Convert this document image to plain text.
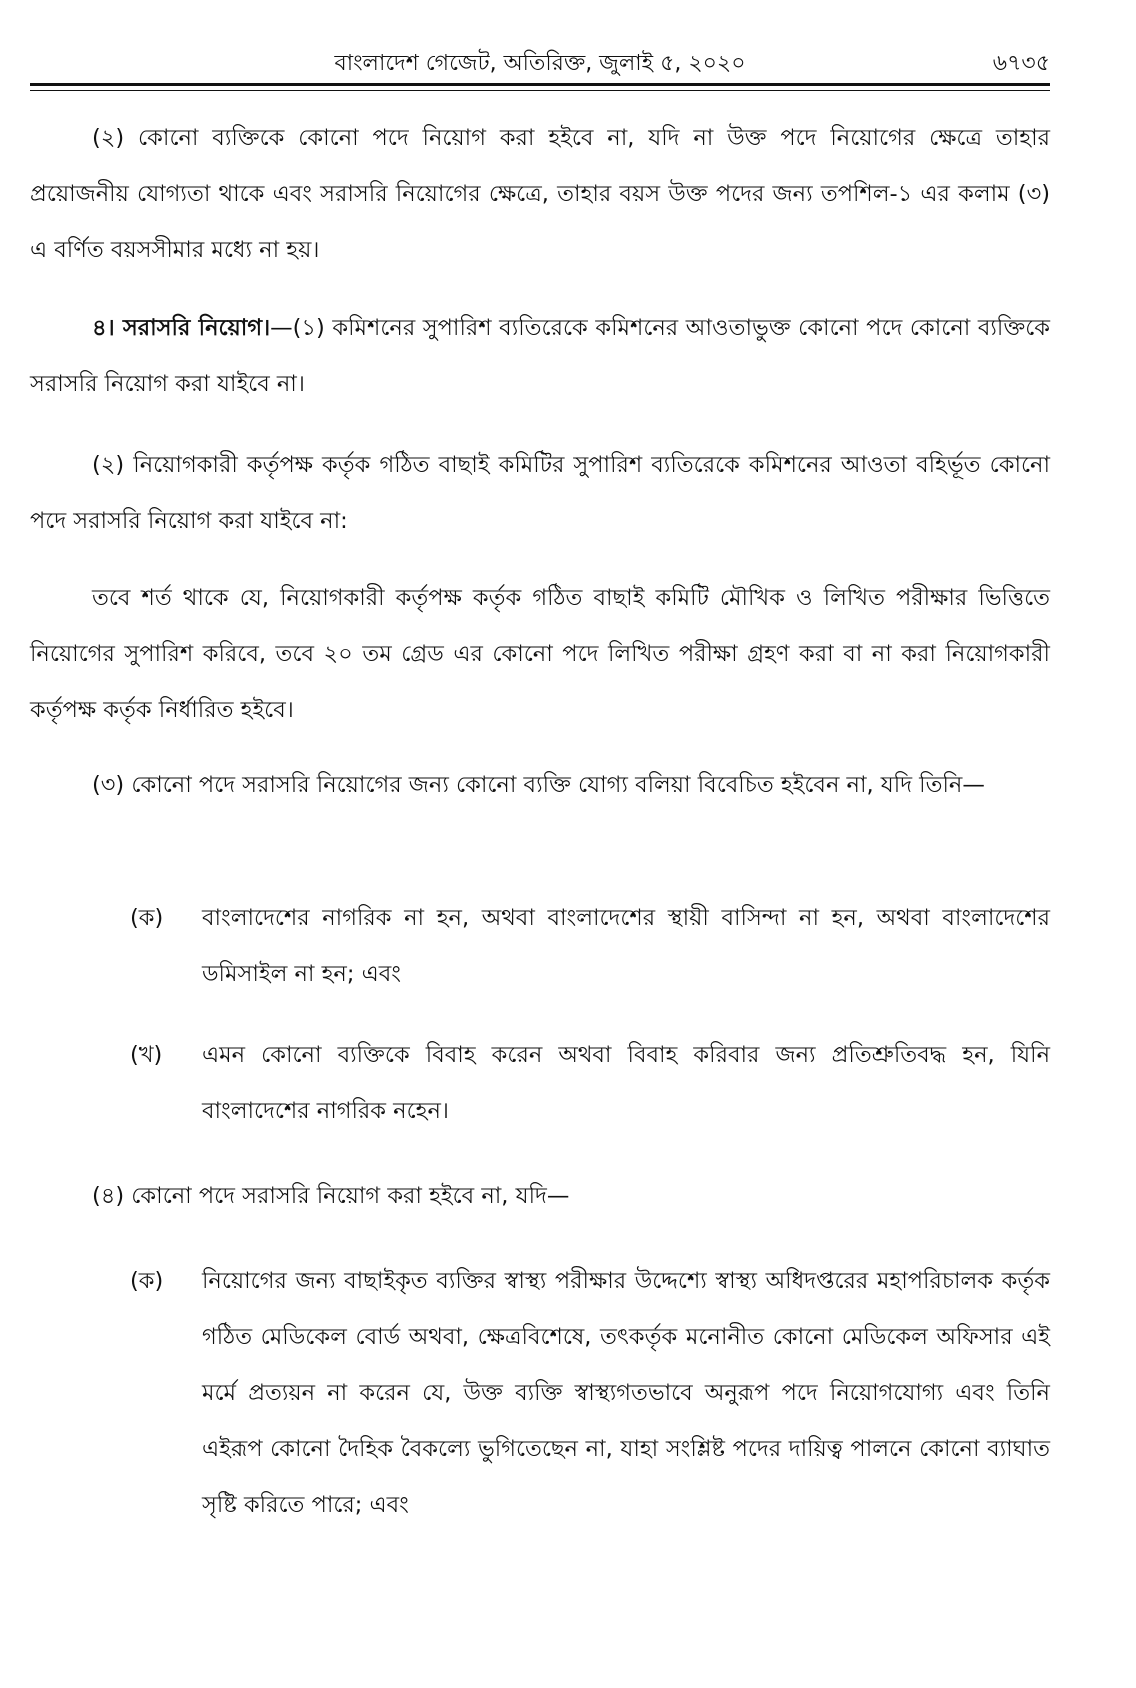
বাংলাদেশ গেজেট, অতিরিক্ত, জুলাই ৫, ২০২০	৬৭৩৫

(২) কোনো ব্যক্তিকে কোনো পদে নিয়োগ করা হইবে না, যদি না উক্ত পদে নিয়োগের ক্ষেত্রে তাহার প্রয়োজনীয় যোগ্যতা থাকে এবং সরাসরি নিয়োগের ক্ষেত্রে, তাহার বয়স উক্ত পদের জন্য তপশিল-১ এর কলাম (৩) এ বর্ণিত বয়সসীমার মধ্যে না হয়।

৪। সরাসরি নিয়োগ।—(১) কমিশনের সুপারিশ ব্যতিরেকে কমিশনের আওতাভুক্ত কোনো পদে কোনো ব্যক্তিকে সরাসরি নিয়োগ করা যাইবে না।

(২) নিয়োগকারী কর্তৃপক্ষ কর্তৃক গঠিত বাছাই কমিটির সুপারিশ ব্যতিরেকে কমিশনের আওতা বহির্ভূত কোনো পদে সরাসরি নিয়োগ করা যাইবে না:

তবে শর্ত থাকে যে, নিয়োগকারী কর্তৃপক্ষ কর্তৃক গঠিত বাছাই কমিটি মৌখিক ও লিখিত পরীক্ষার ভিত্তিতে নিয়োগের সুপারিশ করিবে, তবে ২০ তম গ্রেড এর কোনো পদে লিখিত পরীক্ষা গ্রহণ করা বা না করা নিয়োগকারী কর্তৃপক্ষ কর্তৃক নির্ধারিত হইবে।

(৩) কোনো পদে সরাসরি নিয়োগের জন্য কোনো ব্যক্তি যোগ্য বলিয়া বিবেচিত হইবেন না, যদি তিনি—

(ক) বাংলাদেশের নাগরিক না হন, অথবা বাংলাদেশের স্থায়ী বাসিন্দা না হন, অথবা বাংলাদেশের ডমিসাইল না হন; এবং
(খ) এমন কোনো ব্যক্তিকে বিবাহ করেন অথবা বিবাহ করিবার জন্য প্রতিশ্রুতিবদ্ধ হন, যিনি বাংলাদেশের নাগরিক নহেন।

(৪) কোনো পদে সরাসরি নিয়োগ করা হইবে না, যদি—

(ক) নিয়োগের জন্য বাছাইকৃত ব্যক্তির স্বাস্থ্য পরীক্ষার উদ্দেশ্যে স্বাস্থ্য অধিদপ্তরের মহাপরিচালক কর্তৃক গঠিত মেডিকেল বোর্ড অথবা, ক্ষেত্রবিশেষে, তৎকর্তৃক মনোনীত কোনো মেডিকেল অফিসার এই মর্মে প্রত্যয়ন না করেন যে, উক্ত ব্যক্তি স্বাস্থ্যগতভাবে অনুরূপ পদে নিয়োগযোগ্য এবং তিনি এইরূপ কোনো দৈহিক বৈকল্যে ভুগিতেছেন না, যাহা সংশ্লিষ্ট পদের দায়িত্ব পালনে কোনো ব্যাঘাত সৃষ্টি করিতে পারে; এবং
